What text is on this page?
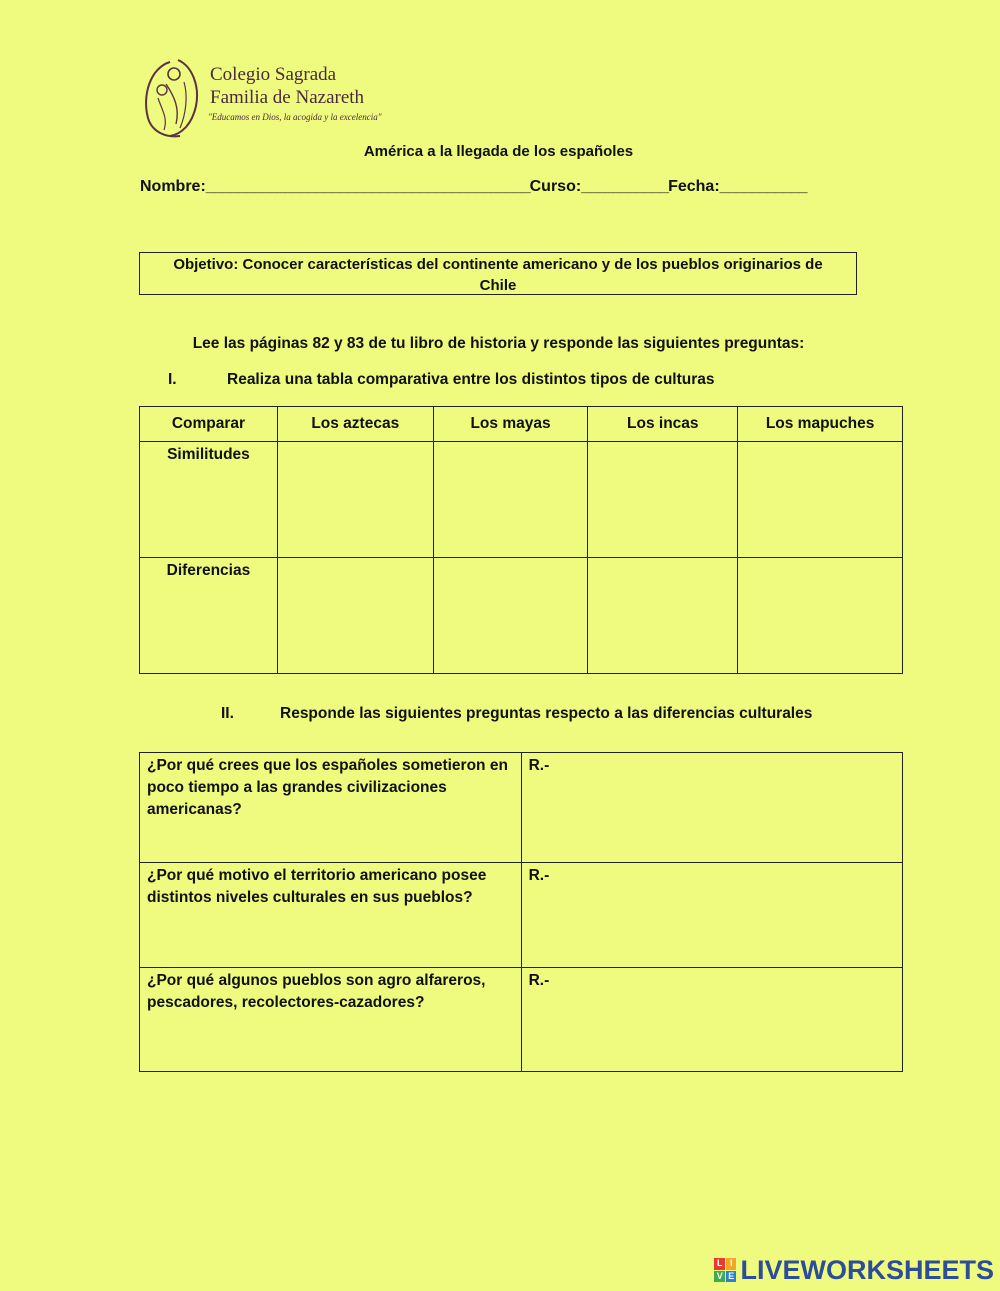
Colegio Sagrada
Familia de Nazareth
"Educamos en Dios, la acogida y la excelencia"
América a la llegada de los españoles
Nombre:_________________________________________Curso:___________Fecha:___________
Objetivo: Conocer características del continente americano y de los pueblos originarios de
Chile
Lee las páginas 82 y 83 de tu libro de historia y responde las siguientes preguntas:
I.	Realiza una tabla comparativa entre los distintos tipos de culturas
Comparar	Los aztecas	Los mayas	Los incas	Los mapuches
Similitudes				
Diferencias				
II.	Responde las siguientes preguntas respecto a las diferencias culturales
¿Por qué crees que los españoles sometieron en poco tiempo a las grandes civilizaciones americanas?	R.-
¿Por qué motivo el territorio americano posee distintos niveles culturales en sus pueblos?	R.-
¿Por qué algunos pueblos son agro alfareros, pescadores, recolectores-cazadores?	R.-
L I
V E LIVEWORKSHEETS
